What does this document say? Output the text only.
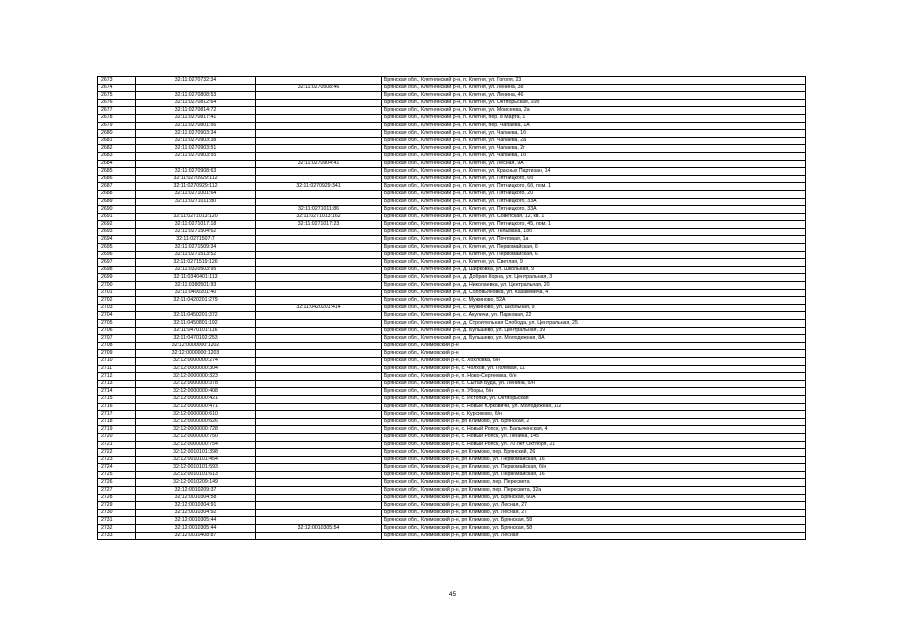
2673	32:11:0270732:34		Брянская обл., Клетнянский р-н, п. Клетня, ул. Гоголя, 23
2674		32:11:0270508:46	Брянская обл., Клетнянский р-н, п. Клетня, ул. Ленина, 38
2675	32:11:0270808:53		Брянская обл., Клетнянский р-н, п. Клетня, ул. Ленина, 46
2676	32:11:0270812:64		Брянская обл., Клетнянский р-н, п. Клетня, ул. Октябрьская, 10б
2677	32:11:0270814:72		Брянская обл., Клетнянский р-н, п. Клетня, ул. Моисеева, 2а
2678	32:11:0270817:41		Брянская обл., Клетнянский р-н, п. Клетня, пер. 8 Марта, 1
2679	32:11:0270801:56		Брянская обл., Клетнянский р-н, п. Клетня, пер. Чапаева, 1А
2680	32:11:0270903:34		Брянская обл., Клетнянский р-н, п. Клетня, ул. Чапаева, 1б
2681	32:11:0270903:38		Брянская обл., Клетнянский р-н, п. Клетня, ул. Чапаева, 2а
2682	32:11:0270903:51		Брянская обл., Клетнянский р-н, п. Клетня, ул. Чапаева, 2г
2683	32:11:0270903:55		Брянская обл., Клетнянский р-н, п. Клетня, ул. Чапаева, 1б
2684		32:11:0270904:41	Брянская обл., Клетнянский р-н, п. Клетня, ул. Лесная, 9А
2685	32:11:0270908:63		Брянская обл., Клетнянский р-н, п. Клетня, ул. Красных Партизан, 14
2686	32:11:0270929:112		Брянская обл., Клетнянский р-н, п. Клетня, ул. Пятницкого, 6б
2687	32:11:0270929:112	32:11:0270929:341	Брянская обл., Клетнянский р-н, п. Клетня, ул. Пятницкого, 6б, пом. 1
2688	32:11:0271001:64		Брянская обл., Клетнянский р-н, п. Клетня, ул. Пятницкого, 20
2689	32:11:0271011:80		Брянская обл., Клетнянский р-н, п. Клетня, ул. Пятницкого, 33А
2690		32:11:0271011:86	Брянская обл., Клетнянский р-н, п. Клетня, ул. Пятницкого, 33А
2691	32:11:0271013:120	32:11:0271013:162	Брянская обл., Клетнянский р-н, п. Клетня, ул. Советская, 12, кв. 1
2692	32:11:0271017:18	32:11:0271017:23	Брянская обл., Клетнянский р-н, п. Клетня, ул. Пятницкого, 45, пом. 1
2693	32:11:0271504:62		Брянская обл., Клетнянский р-н, п. Клетня, ул. Тельмана, 18б
2694	32:11:0271507:7		Брянская обл., Клетнянский р-н, п. Клетня, ул. Почтовая, 1а
2695	32:11:0271509:34		Брянская обл., Клетнянский р-н, п. Клетня, ул. Первомайская, 6
2696	32:11:0271513:52		Брянская обл., Клетнянский р-н, п. Клетня, ул. Первомайская, 6
2697	32:11:0271519:126		Брянская обл., Клетнянский р-н, п. Клетня, ул. Светлая, 9
2698	32:11:0320503:95		Брянская обл., Клетнянский р-н, д. Ширковка, ул. Школьная, 9
2699	32:11:0340401:113		Брянская обл., Клетнянский р-н, д. Добрая Корна, ул. Центральная, 3
2700	32:11:0380501:93		Брянская обл., Клетнянский р-н, д. Николаевка, ул. Центральная, 20
2701	32:11:0400201:40		Брянская обл., Клетнянский р-н, д. Соловьяновка, ул. Казакевича, 4
2702	32:11:0420201:279		Брянская обл., Клетнянский р-н, с. Мужиново, 52А
2703		32:11:0420201:414	Брянская обл., Клетнянский р-н, с. Мужиново, ул. Школьная, 9
2704	32:11:0450201:372		Брянская обл., Клетнянский р-н, с. Акуличи, ул. Парковая, 22
2705	32:11:0450801:192		Брянская обл., Клетнянский р-н, д. Строительная Слобода, ул. Центральная, 25
2706	32:11:0470101:116		Брянская обл., Клетнянский р-н, д. Бульшево, ул. Центральная, 39
2707	32:11:0470102:253		Брянская обл., Клетнянский р-н, д. Бульшево, ул. Молодежная, 8А
2708	32:12:0000000:1202		Брянская обл., Климовский р-н
2709	32:12:0000000:1203		Брянская обл., Климовский р-н
2710	32:12:0000000:274		Брянская обл., Климовский р-н, с. Хохловка, б/н
2711	32:12:0000000:304		Брянская обл., Климовский р-н, с. Чолхов, ул. Полевая, 11
2712	32:12:0000000:323		Брянская обл., Климовский р-н, п. Ново-Сергеевка, б/н
2713	32:12:0000000:378		Брянская обл., Климовский р-н, с. Сытая Буда, ул. Ленина, б/н
2714	32:12:0000000:408		Брянская обл., Климовский р-н, п. Уборы, б/н
2715	32:12:0000000:421		Брянская обл., Климовский р-н, с. Истопки, ул. Октябрьская
2716	32:12:0000000:471		Брянская обл., Климовский р-н, с. Новые Юрковичи, ул. Молодежная, 1/2
2717	32:12:0000000:610		Брянская обл., Климовский р-н, с. Курсиково, б/н
2718	32:12:0000000:626		Брянская обл., Климовский р-н, рп Климово, ул. Брянская, 2
2719	32:12:0000000:728		Брянская обл., Климовский р-н, с. Новый Ропск, ул. Балыченская, 4
2720	32:12:0000000:750		Брянская обл., Климовский р-н, с. Новый Ропск, ул. Ленина, 145
2721	32:12:0000000:754		Брянская обл., Климовский р-н, с. Новый Ропск, ул. 70 лет Октября, 21
2722	32:12:0010101:398		Брянская обл., Климовский р-н, рп Климово, пер. Брянский, 26
2723	32:12:0010101:454		Брянская обл., Климовский р-н, рп Климово, ул. Первомайская, 16
2724	32:12:0010101:593		Брянская обл., Климовский р-н, рп Климово, ул. Первомайская, б/н
2725	32:12:0010101:613		Брянская обл., Климовский р-н, рп Климово, ул. Первомайская, 16
2726	32:12:0010209:149		Брянская обл., Климовский р-н, рп Климово, пер. Пересвета
2727	32:12:0010209:37		Брянская обл., Климовский р-н, рп Климово, пер. Пересвета, 32а
2728	32:12:0010304:58		Брянская обл., Климовский р-н, рп Климово, ул. Брянская, 60А
2729	32:12:0010304:91		Брянская обл., Климовский р-н, рп Климово, ул. Лесная, 27
2730	32:12:0010304:92		Брянская обл., Климовский р-н, рп Климово, ул. Лесная, 27
2731	32:12:0010305:44		Брянская обл., Климовский р-н, рп Климово, ул. Брянская, 58
2732	32:12:0010305:44	32:12:0010305:54	Брянская обл., Климовский р-н, рп Климово, ул. Брянская, 58
2733	32:12:0010408:87		Брянская обл., Климовский р-н, рп Климово, ул. Лесная
45
